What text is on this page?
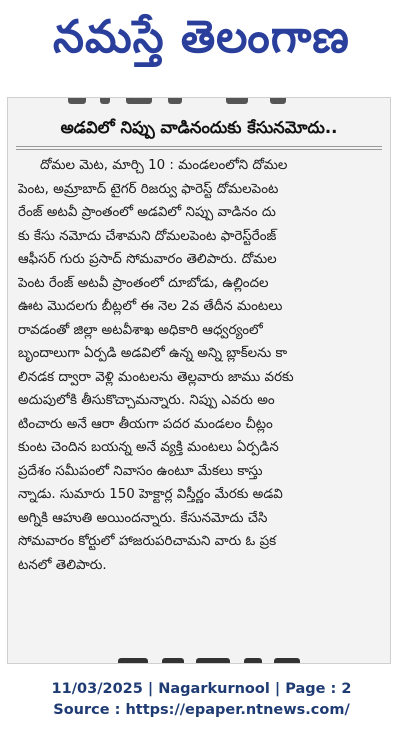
నమస్తే తెలంగాణ
అడవిలో నిప్పు వాడినందుకు కేసునమోదు..
దోమల మెట, మార్చి 10 : మండలంలోని దోమల
పెంట, అమ్రాబాద్ టైగర్ రిజర్వు ఫారెస్ట్ దోమలపెంట
రేంజ్ అటవీ ప్రాంతంలో అడవిలో నిప్పు వాడినం దు
కు కేసు నమోదు చేశామని దోమలపెంట ఫారెస్ట్‌రేంజ్
ఆఫీసర్ గురు ప్రసాద్ సోమవారం తెలిపారు. దోమల
పెంట రేంజ్ అటవీ ప్రాంతంలో దూబోడు, ఉల్లిందల
ఊట మొదలగు బీట్లలో ఈ నెల 2వ తేదీన మంటలు
రావడంతో జిల్లా అటవీశాఖ అధికారి ఆధ్వర్యంలో
బృందాలుగా ఏర్పడి అడవిలో ఉన్న అన్ని బ్లాక్‌లను కా
లినడక ద్వారా వెళ్లి మంటలను తెల్లవారు జాము వరకు
అదుపులోకి తీసుకొచ్చామన్నారు. నిప్పు ఎవరు అం
టించారు అనే ఆరా తీయగా పదర మండలం చీట్లం
కుంట చెందిన బయన్న అనే వ్యక్తి మంటలు ఏర్పడిన
ప్రదేశం సమీపంలో నివాసం ఉంటూ మేకలు కాస్తు
న్నాడు. సుమారు 150 హెక్టార్ల విస్తీర్ణం మేరకు అడవి
అగ్నికి ఆహుతి అయిందన్నారు. కేసునమోదు చేసి
సోమవారం కోర్టులో హాజరుపరిచామని వారు ఓ ప్రక
టనలో తెలిపారు.
11/03/2025 | Nagarkurnool | Page : 2
Source : https://epaper.ntnews.com/
